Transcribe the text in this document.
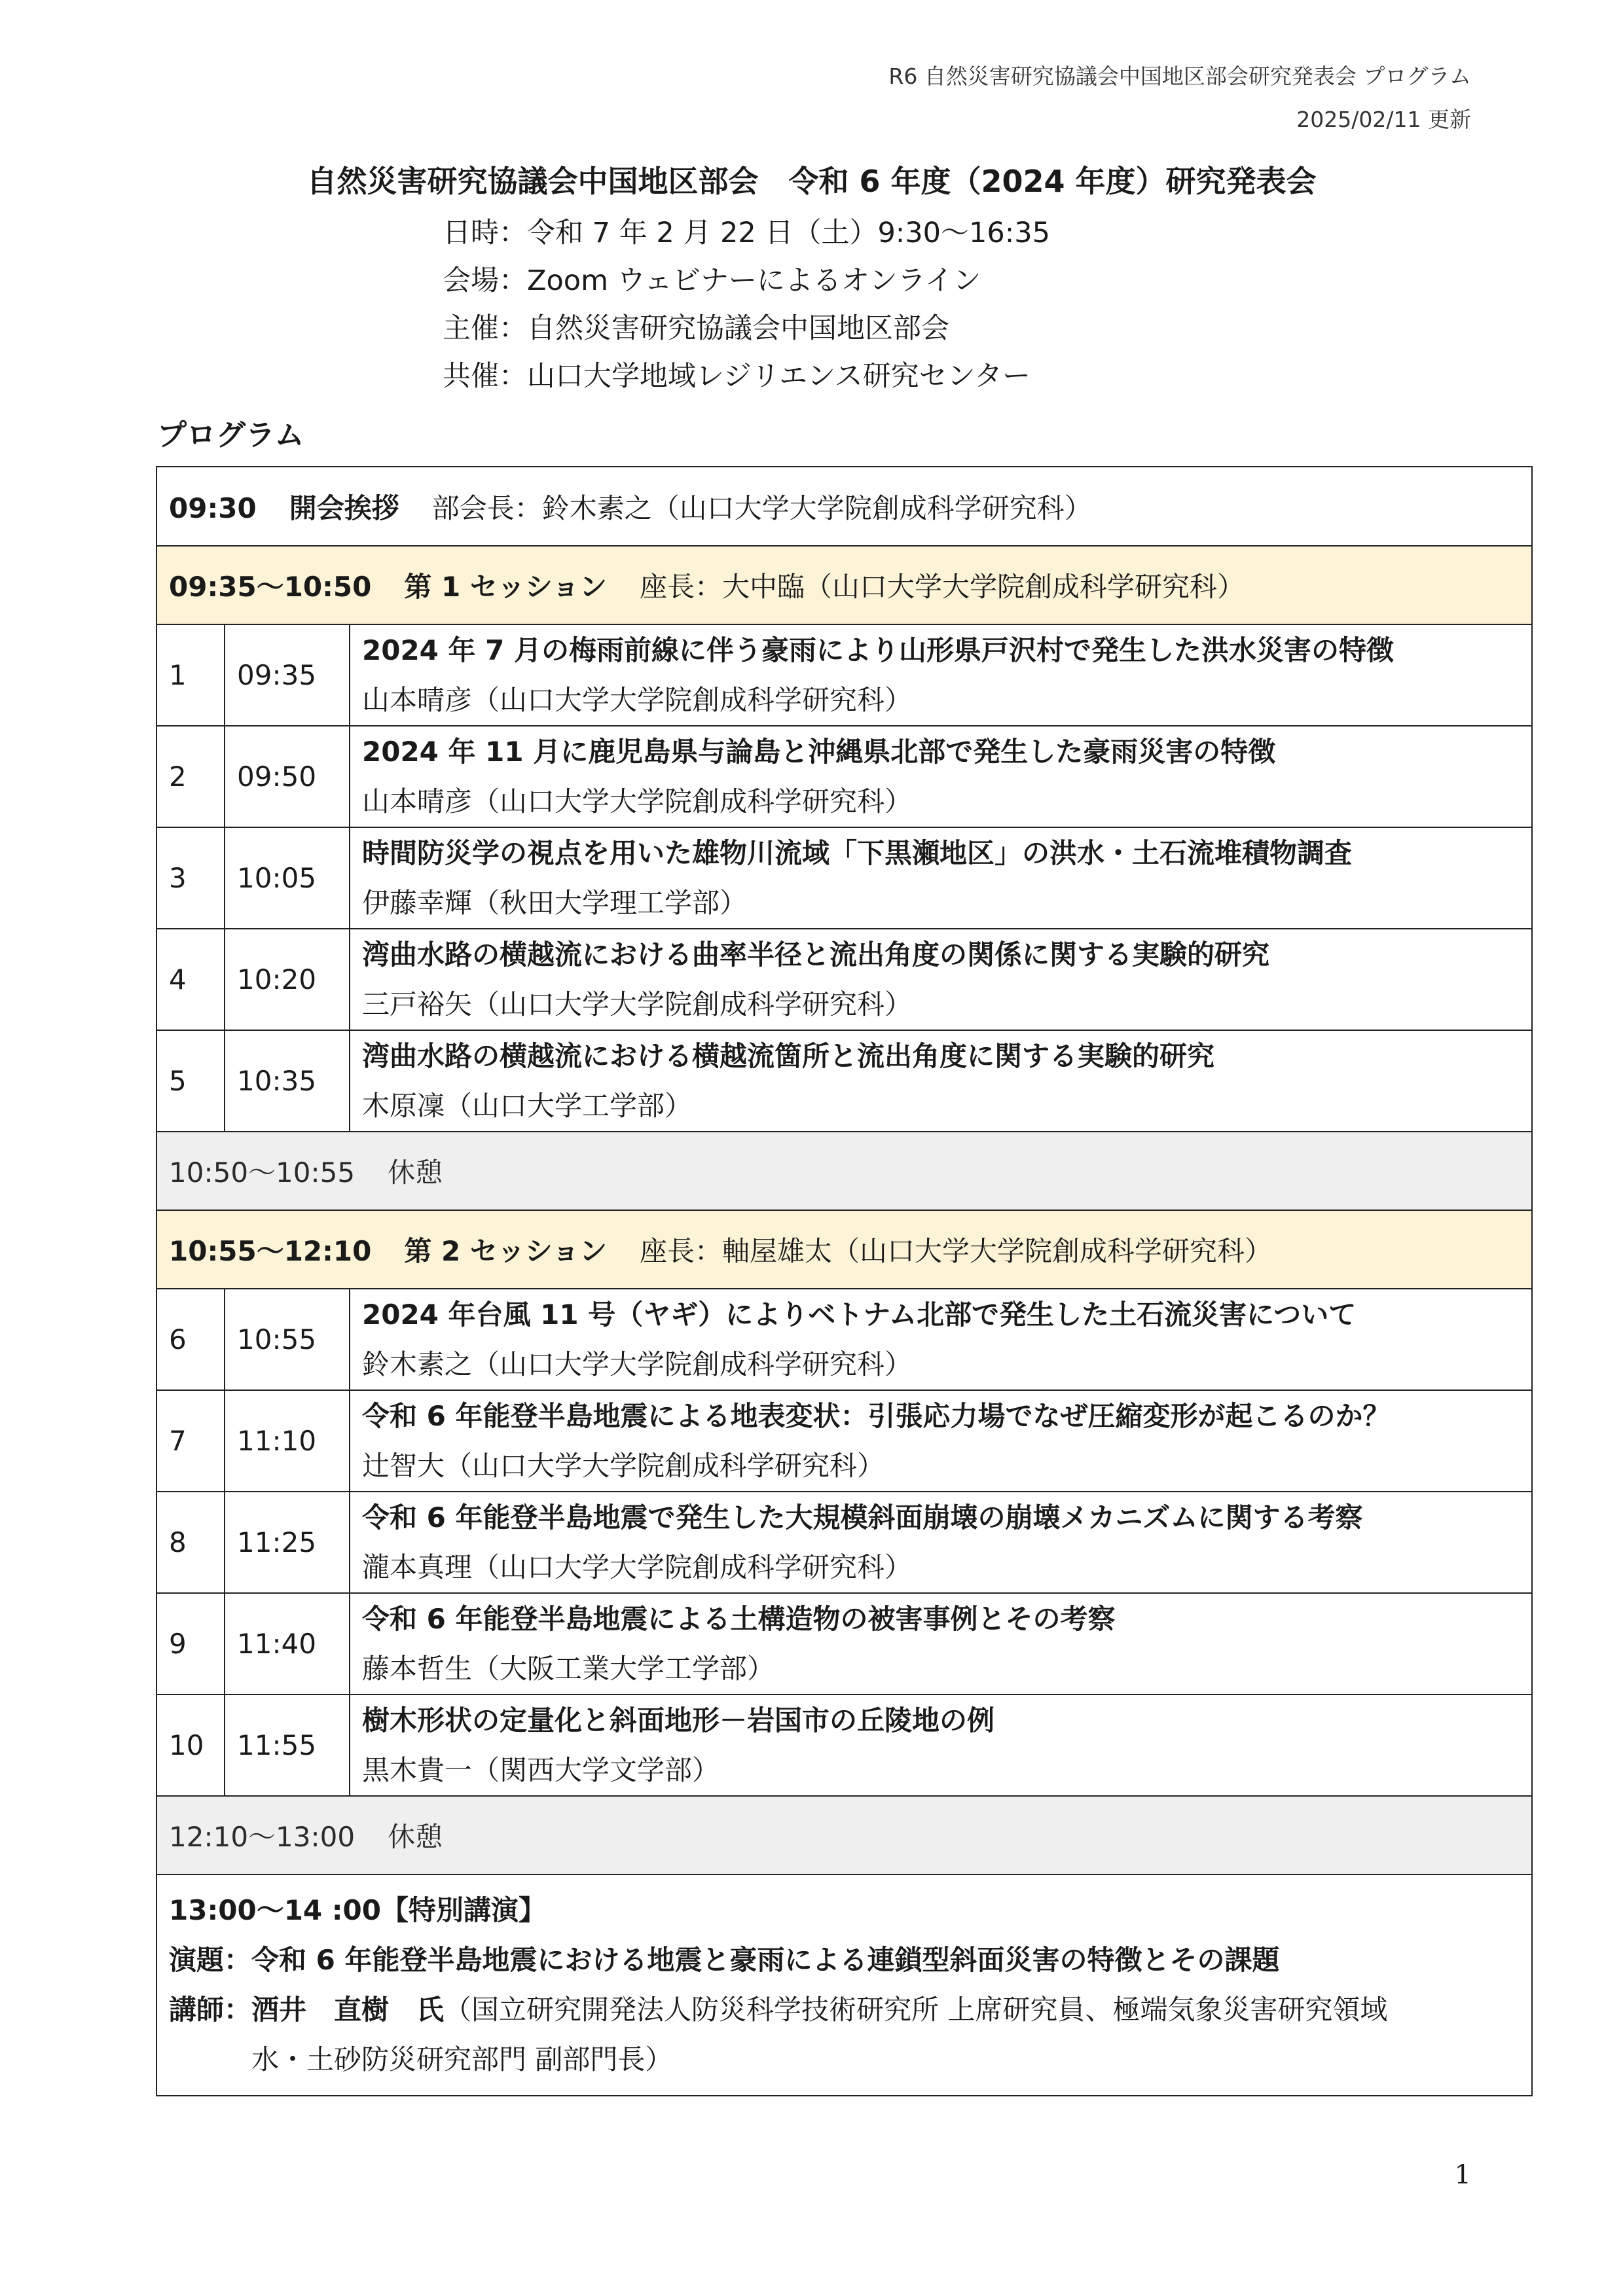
R6 自然災害研究協議会中国地区部会研究発表会 プログラム
2025/02/11 更新
自然災害研究協議会中国地区部会　令和 6 年度（2024 年度）研究発表会
日時：令和 7 年 2 月 22 日（土）9:30～16:35
会場：Zoom ウェビナーによるオンライン
主催：自然災害研究協議会中国地区部会
共催：山口大学地域レジリエンス研究センター
プログラム
09:30 開会挨拶 部会長：鈴木素之（山口大学大学院創成科学研究科）		
09:35～10:50 第 1 セッション 座長：大中臨（山口大学大学院創成科学研究科）		
1	09:35	2024 年 7 月の梅雨前線に伴う豪雨により山形県戸沢村で発生した洪水災害の特徴
山本晴彦（山口大学大学院創成科学研究科）

2	09:50	2024 年 11 月に鹿児島県与論島と沖縄県北部で発生した豪雨災害の特徴
山本晴彦（山口大学大学院創成科学研究科）

3	10:05	時間防災学の視点を用いた雄物川流域「下黒瀬地区」の洪水・土石流堆積物調査
伊藤幸輝（秋田大学理工学部）

4	10:20	湾曲水路の横越流における曲率半径と流出角度の関係に関する実験的研究
三戸裕矢（山口大学大学院創成科学研究科）

5	10:35	湾曲水路の横越流における横越流箇所と流出角度に関する実験的研究
木原凜（山口大学工学部）

10:50～10:55 休憩		
10:55～12:10 第 2 セッション 座長：軸屋雄太（山口大学大学院創成科学研究科）		
6	10:55	2024 年台風 11 号（ヤギ）によりベトナム北部で発生した土石流災害について
鈴木素之（山口大学大学院創成科学研究科）

7	11:10	令和 6 年能登半島地震による地表変状：引張応力場でなぜ圧縮変形が起こるのか？
辻智大（山口大学大学院創成科学研究科）

8	11:25	令和 6 年能登半島地震で発生した大規模斜面崩壊の崩壊メカニズムに関する考察
瀧本真理（山口大学大学院創成科学研究科）

9	11:40	令和 6 年能登半島地震による土構造物の被害事例とその考察
藤本哲生（大阪工業大学工学部）

10	11:55	樹木形状の定量化と斜面地形－岩国市の丘陵地の例
黒木貴一（関西大学文学部）

12:10～13:00 休憩		

13:00～14 :00【特別講演】
演題：令和 6 年能登半島地震における地震と豪雨による連鎖型斜面災害の特徴とその課題
講師：酒井　直樹　氏（国立研究開発法人防災科学技術研究所 上席研究員、極端気象災害研究領域
水・土砂防災研究部門 副部門長）		
1
